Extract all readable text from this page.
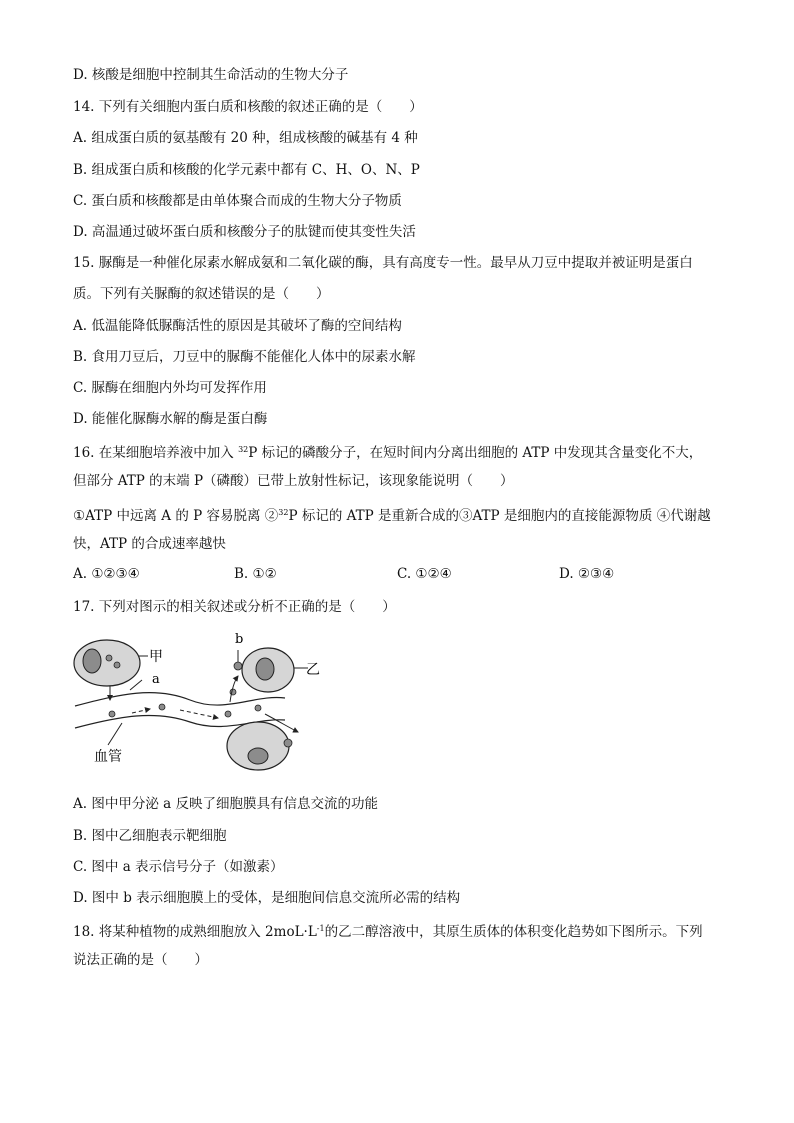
D. 核酸是细胞中控制其生命活动的生物大分子
14. 下列有关细胞内蛋白质和核酸的叙述正确的是（　　）
A. 组成蛋白质的氨基酸有 20 种，组成核酸的碱基有 4 种
B. 组成蛋白质和核酸的化学元素中都有 C、H、O、N、P
C. 蛋白质和核酸都是由单体聚合而成的生物大分子物质
D. 高温通过破坏蛋白质和核酸分子的肽键而使其变性失活
15. 脲酶是一种催化尿素水解成氨和二氧化碳的酶，具有高度专一性。最早从刀豆中提取并被证明是蛋白
质。下列有关脲酶的叙述错误的是（　　）
A. 低温能降低脲酶活性的原因是其破坏了酶的空间结构
B. 食用刀豆后，刀豆中的脲酶不能催化人体中的尿素水解
C. 脲酶在细胞内外均可发挥作用
D. 能催化脲酶水解的酶是蛋白酶
16. 在某细胞培养液中加入 $^{32}$P 标记的磷酸分子，在短时间内分离出细胞的 ATP 中发现其含量变化不大，
但部分 ATP 的末端 P（磷酸）已带上放射性标记，该现象能说明（　　）
①ATP 中远离 A 的 P 容易脱离 ②$^{32}$P 标记的 ATP 是重新合成的③ATP 是细胞内的直接能源物质 ④代谢越
快，ATP 的合成速率越快
A. ①②③④	B. ①②	C. ①②④	D. ②③④
17. 下列对图示的相关叙述或分析不正确的是（　　）
甲
a
b
乙
血管
A. 图中甲分泌 a 反映了细胞膜具有信息交流的功能
B. 图中乙细胞表示靶细胞
C. 图中 a 表示信号分子（如激素）
D. 图中 b 表示细胞膜上的受体，是细胞间信息交流所必需的结构
18. 将某种植物的成熟细胞放入 $2moL\cdot L^{-1}$的乙二醇溶液中，其原生质体的体积变化趋势如下图所示。下列
说法正确的是（　　）
